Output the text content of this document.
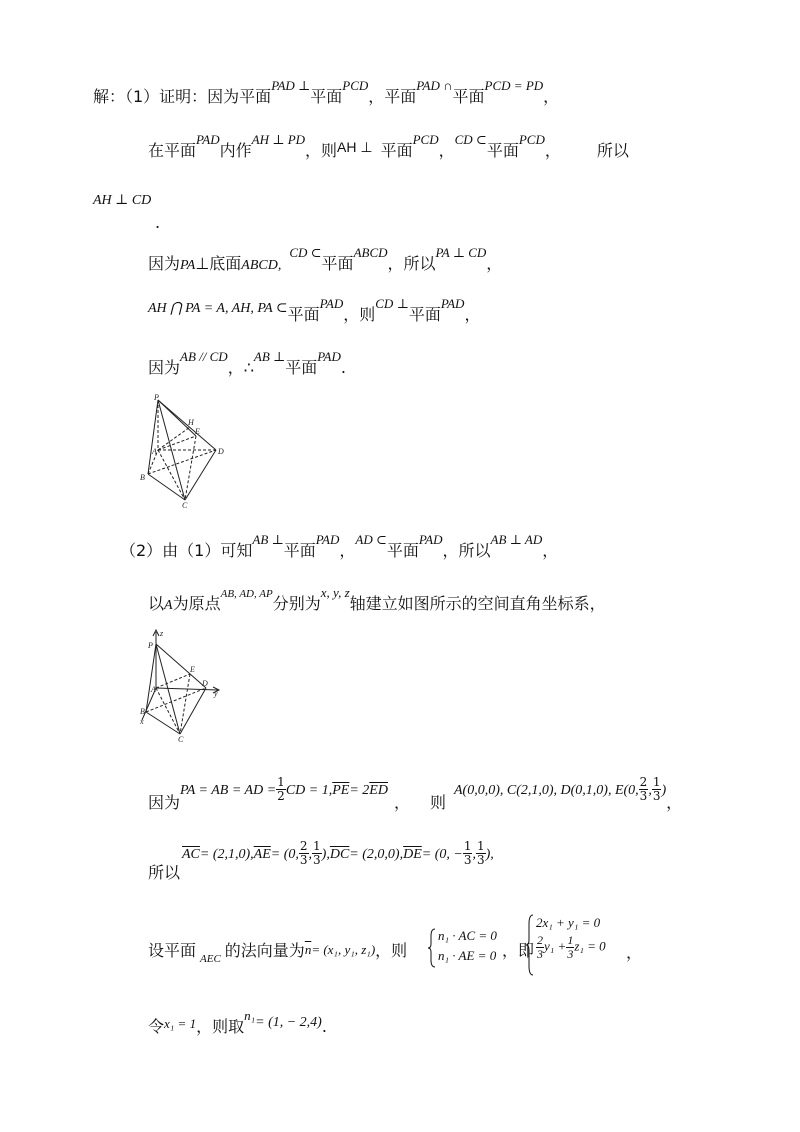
解：（1）证明：因为平面$^{PAD \perp}$平面$^{PCD}$，平面$^{PAD \cap}$平面$^{PCD = PD}$，
在平面$^{PAD}$内作$^{AH \perp PD}$，则AH ⊥ 平面$^{PCD}$，$^{CD \subset}$平面$^{PCD}$， 所以
AH ⊥ CD
.
因为PA⊥底面ABCD,$^{CD \subset}$平面$^{ABCD}$，所以$^{PA \perp CD}$，
AH ⋂ PA = A, AH, PA ⊂平面$^{PAD}$，则$^{CD \perp}$平面$^{PAD}$，
因为$^{AB // CD}$，∴$^{AB \perp}$平面$^{PAD}$.
P
H
E
A	D
B
C
（2）由（1）可知$^{AB \perp}$平面$^{PAD}$，$^{AD \subset}$平面$^{PAD}$，所以$^{AB \perp AD}$，
以A为原点$^{AB, AD, AP}$分别为$^{x, y, z}$轴建立如图所示的空间直角坐标系，
z
P
E
A
D
y
B
x
C
因为PA = AB = AD = $\frac{1}{2}$ CD = $1,\overline{PE}= 2\overline{ED}$， 则A(0,0,0), C(2,1,0), D(0,1,0), E(0, $\frac{2}{3}$ , $\frac{1}{3}$ )，
$\overline{AC}= (2,1,0),\overline{AE}= (0$, $\frac{2}{3}$ , $\frac{1}{3} ),\overline{DC}= (2,0,0),\overline{DE}= (0$, − $\frac{1}{3}$ , $\frac{1}{3}$ ),
所以
设平面 $_{AEC}$ 的法向量为$\overline{n}= (x_1$, y₁, z₁)，则
n₁ · AC = 0
n₁ · AE = 0 ，即
2x₁ + y₁ = 0
$\frac{2}{3} y_1 + \frac{1}{3} z_1 = 0$ ，
令$^{x_1 = 1}$，则取$^{n_1}$= (1, − 2,4).
